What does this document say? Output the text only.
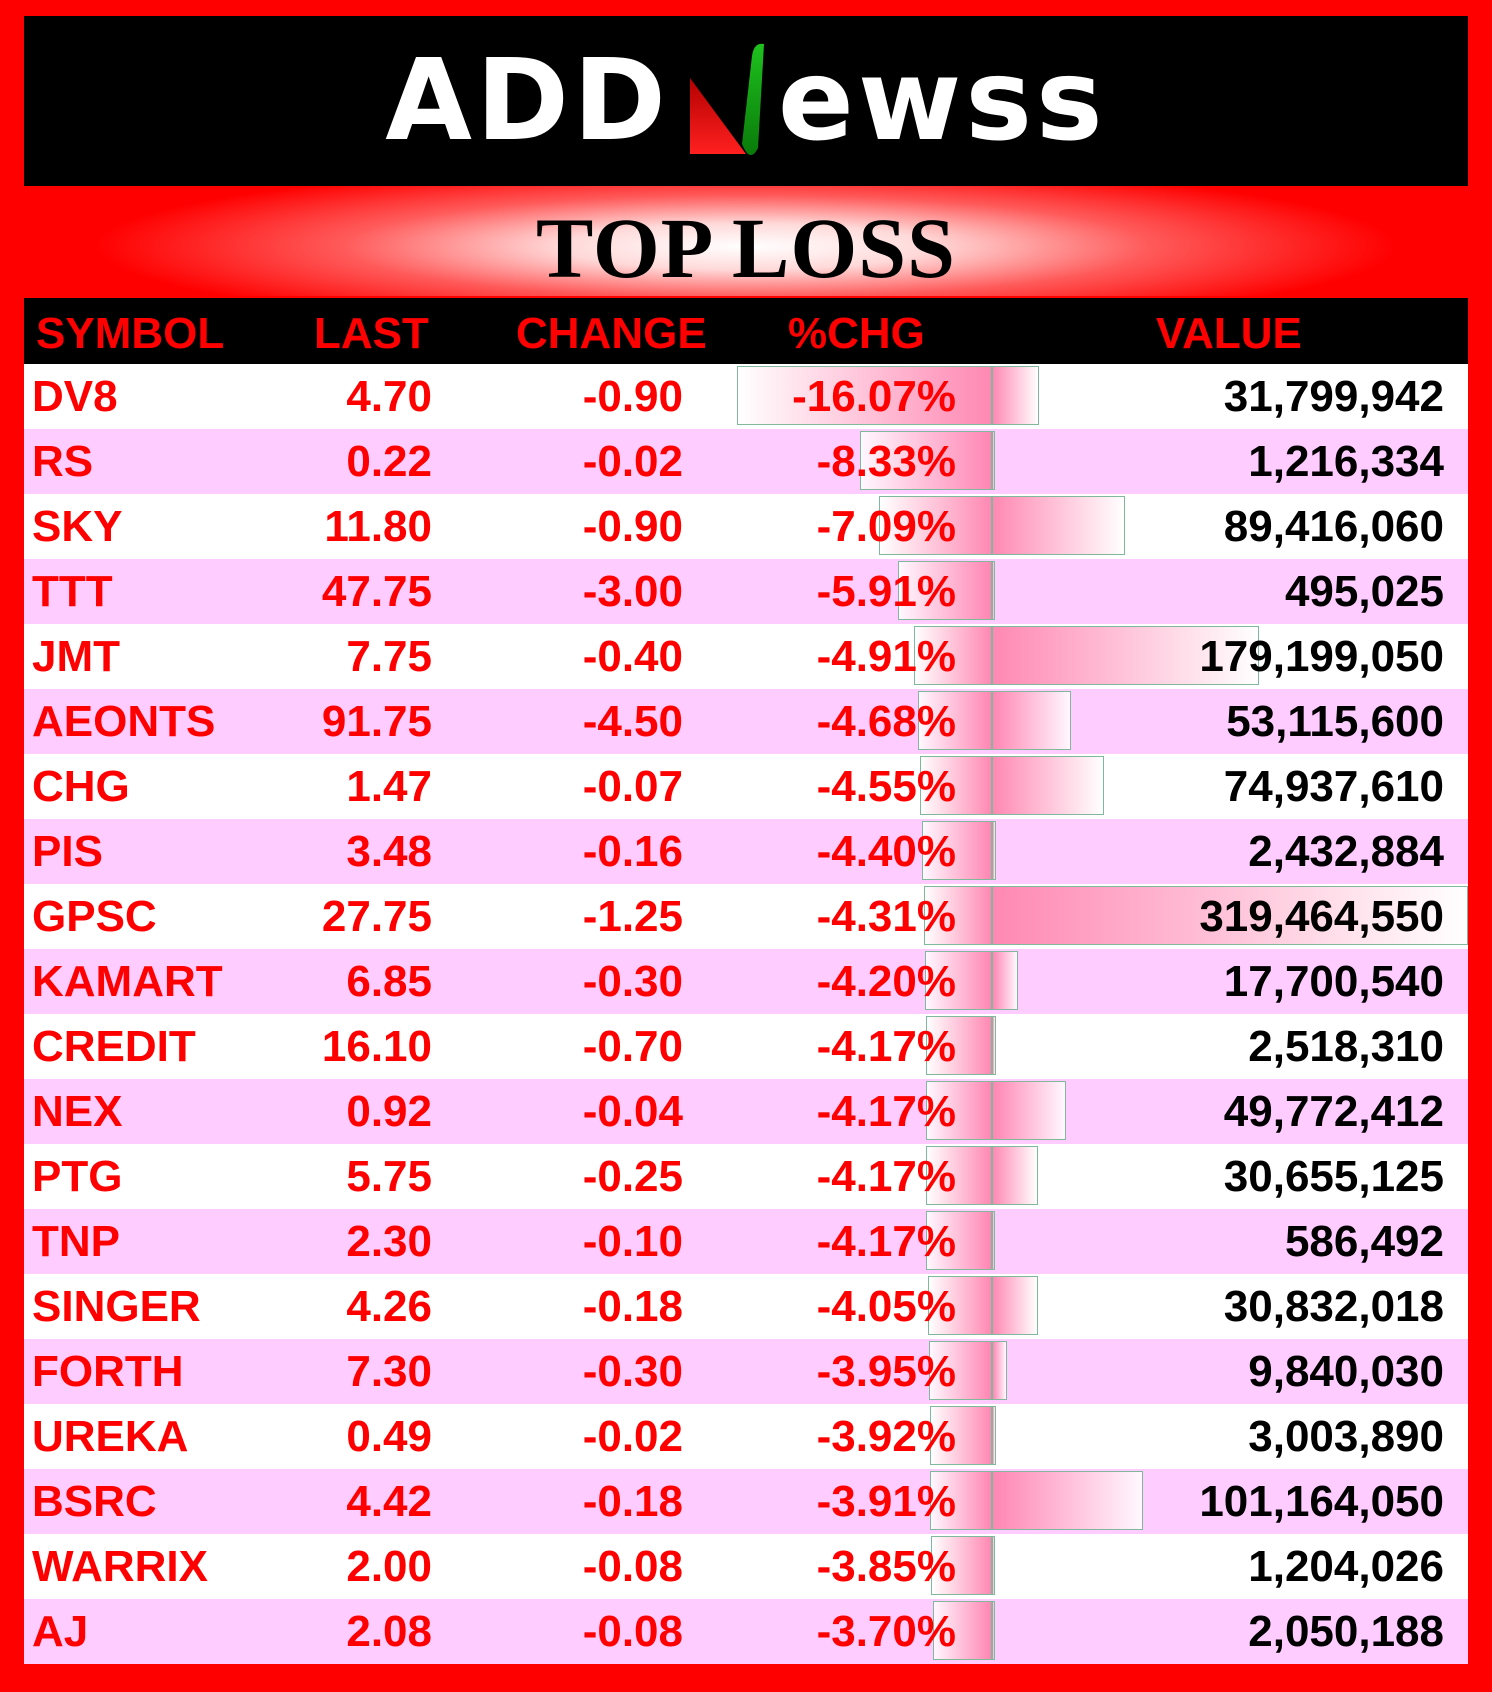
ADD ewss
TOP LOSS
SYMBOL LAST CHANGE %CHG	VALUE
DV8	4.70	-0.90 -16.07%	31,799,942
RS	0.22	-0.02	-8.33%	1,216,334
SKY	11.80	-0.90	-7.09%	89,416,060
TTT	47.75	-3.00	-5.91%	495,025
JMT	7.75	-0.40	-4.91%	179,199,050
AEONTS 91.75	-4.50	-4.68%	53,115,600
CHG	1.47	-0.07	-4.55%	74,937,610
PIS	3.48	-0.16	-4.40%	2,432,884
GPSC	27.75	-1.25	-4.31%	319,464,550
KAMART	6.85	-0.30	-4.20%	17,700,540
CREDIT	16.10	-0.70	-4.17%	2,518,310
NEX	0.92	-0.04	-4.17%	49,772,412
PTG	5.75	-0.25	-4.17%	30,655,125
TNP	2.30	-0.10	-4.17%	586,492
SINGER	4.26	-0.18	-4.05%	30,832,018
FORTH	7.30	-0.30	-3.95%	9,840,030
UREKA	0.49	-0.02	-3.92%	3,003,890
BSRC	4.42	-0.18	-3.91%	101,164,050
WARRIX	2.00	-0.08	-3.85%	1,204,026
AJ	2.08	-0.08	-3.70%	2,050,188
